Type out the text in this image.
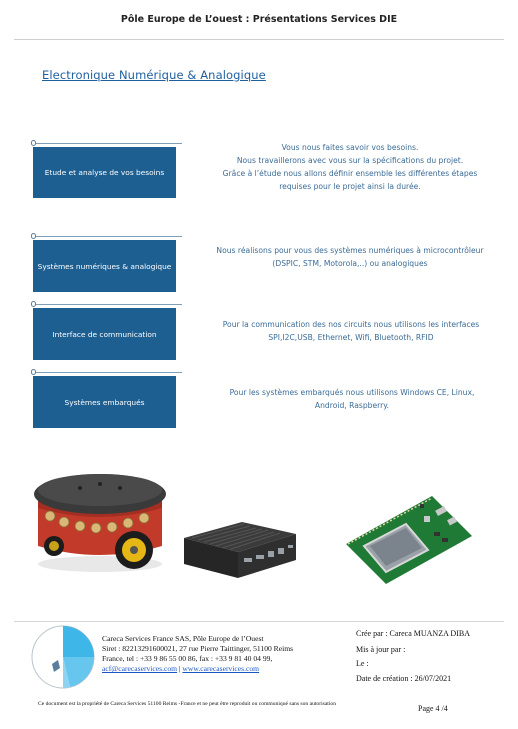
Pôle Europe de L’ouest : Présentations Services DIE
Electronique Numérique & Analogique
Etude et analyse de vos besoins
Vous nous faites savoir vos besoins.
Nous travaillerons avec vous sur la spécifications du projet.
Grâce à l’étude nous allons définir ensemble les différentes étapes requises pour le projet ainsi la durée.
Systèmes numériques & analogique
Nous réalisons pour vous des systèmes numériques à microcontrôleur (DSPIC, STM, Motorola,..) ou analogiques
Interface de communication
Pour la communication des nos circuits nous utilisons les interfaces SPI,I2C,USB, Ethernet, Wifi, Bluetooth, RFID
Systèmes embarqués
Pour les systèmes embarqués nous utilisons Windows CE, Linux, Android, Raspberry.
Careca Services France SAS, Pôle Europe de l’Ouest
Siret : 82213291600021, 27 rue Pierre Taittinger, 51100 Reims
France, tel : +33 9 86 55 00 86, fax : +33 9 81 40 04 99,
acf@carecaservices.com | www.carecaservices.com
Crée par : Careca MUANZA DIBA
Mis à jour par :
Le :
Date de création : 26/07/2021
Ce document est la propriété de Careca Services 51100 Reims -France et ne peut être reproduit ou communiqué sans son autorisation	Page 4 /4
